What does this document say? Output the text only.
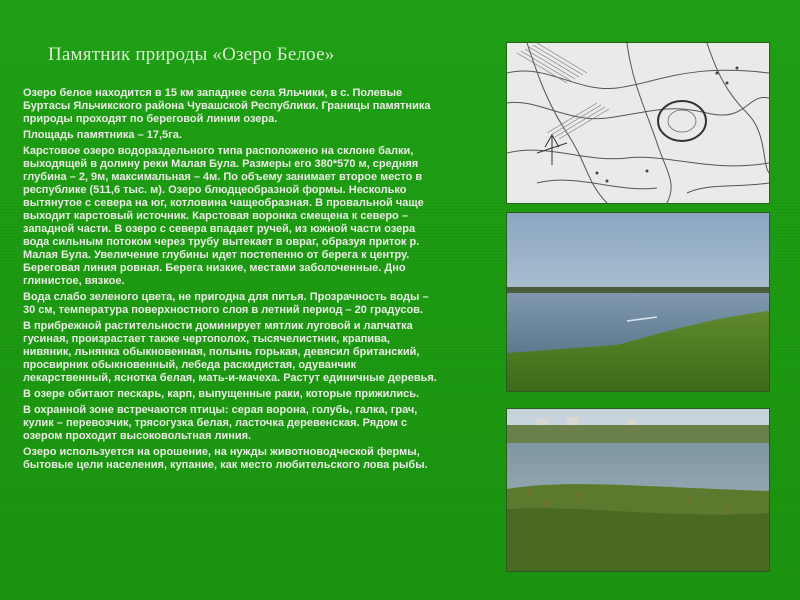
Памятник природы «Озеро Белое»

Озеро белое находится в 15 км западнее села Яльчики, в с. Полевые Буртасы Яльчикского района Чувашской Республики. Границы памятника природы проходят по береговой линии озера.

Площадь памятника – 17,5га.

Карстовое озеро водораздельного типа расположено на склоне балки, выходящей в долину реки Малая Була. Размеры его 380*570 м, средняя глубина – 2, 9м, максимальная – 4м. По объему занимает второе место в республике (511,6 тыс. м). Озеро блюдцеобразной формы. Несколько вытянутое с севера на юг, котловина чащеобразная. В провальной чаще выходит карстовый источник. Карстовая воронка смещена к северо – западной части. В озеро с севера впадает ручей, из южной части озера вода сильным потоком через трубу вытекает в овраг, образуя приток р. Малая Була. Увеличение глубины идет постепенно от берега к центру. Береговая линия ровная. Берега низкие, местами заболоченные. Дно глинистое, вязкое.

Вода слабо зеленого цвета, не пригодна для питья. Прозрачность воды – 30 см, температура поверхностного слоя в летний период – 20 градусов.

В прибрежной растительности доминирует мятлик луговой и лапчатка гусиная, произрастает также чертополох, тысячелистник, крапива, нивяник, льнянка обыкновенная, полынь горькая, девясил британский, просвирник обыкновенный, лебеда раскидистая, одуванчик лекарственный, яснотка белая, мать-и-мачеха. Растут единичные деревья.

В озере обитают пескарь, карп, выпущенные раки, которые прижились.

В охранной зоне встречаются птицы: серая ворона, голубь, галка, грач, кулик – перевозчик, трясогузка белая, ласточка деревенская. Рядом с озером проходит высоковольтная линия.

Озеро используется на орошение, на нужды животноводческой фермы, бытовые цели населения, купание, как место любительского лова рыбы.
